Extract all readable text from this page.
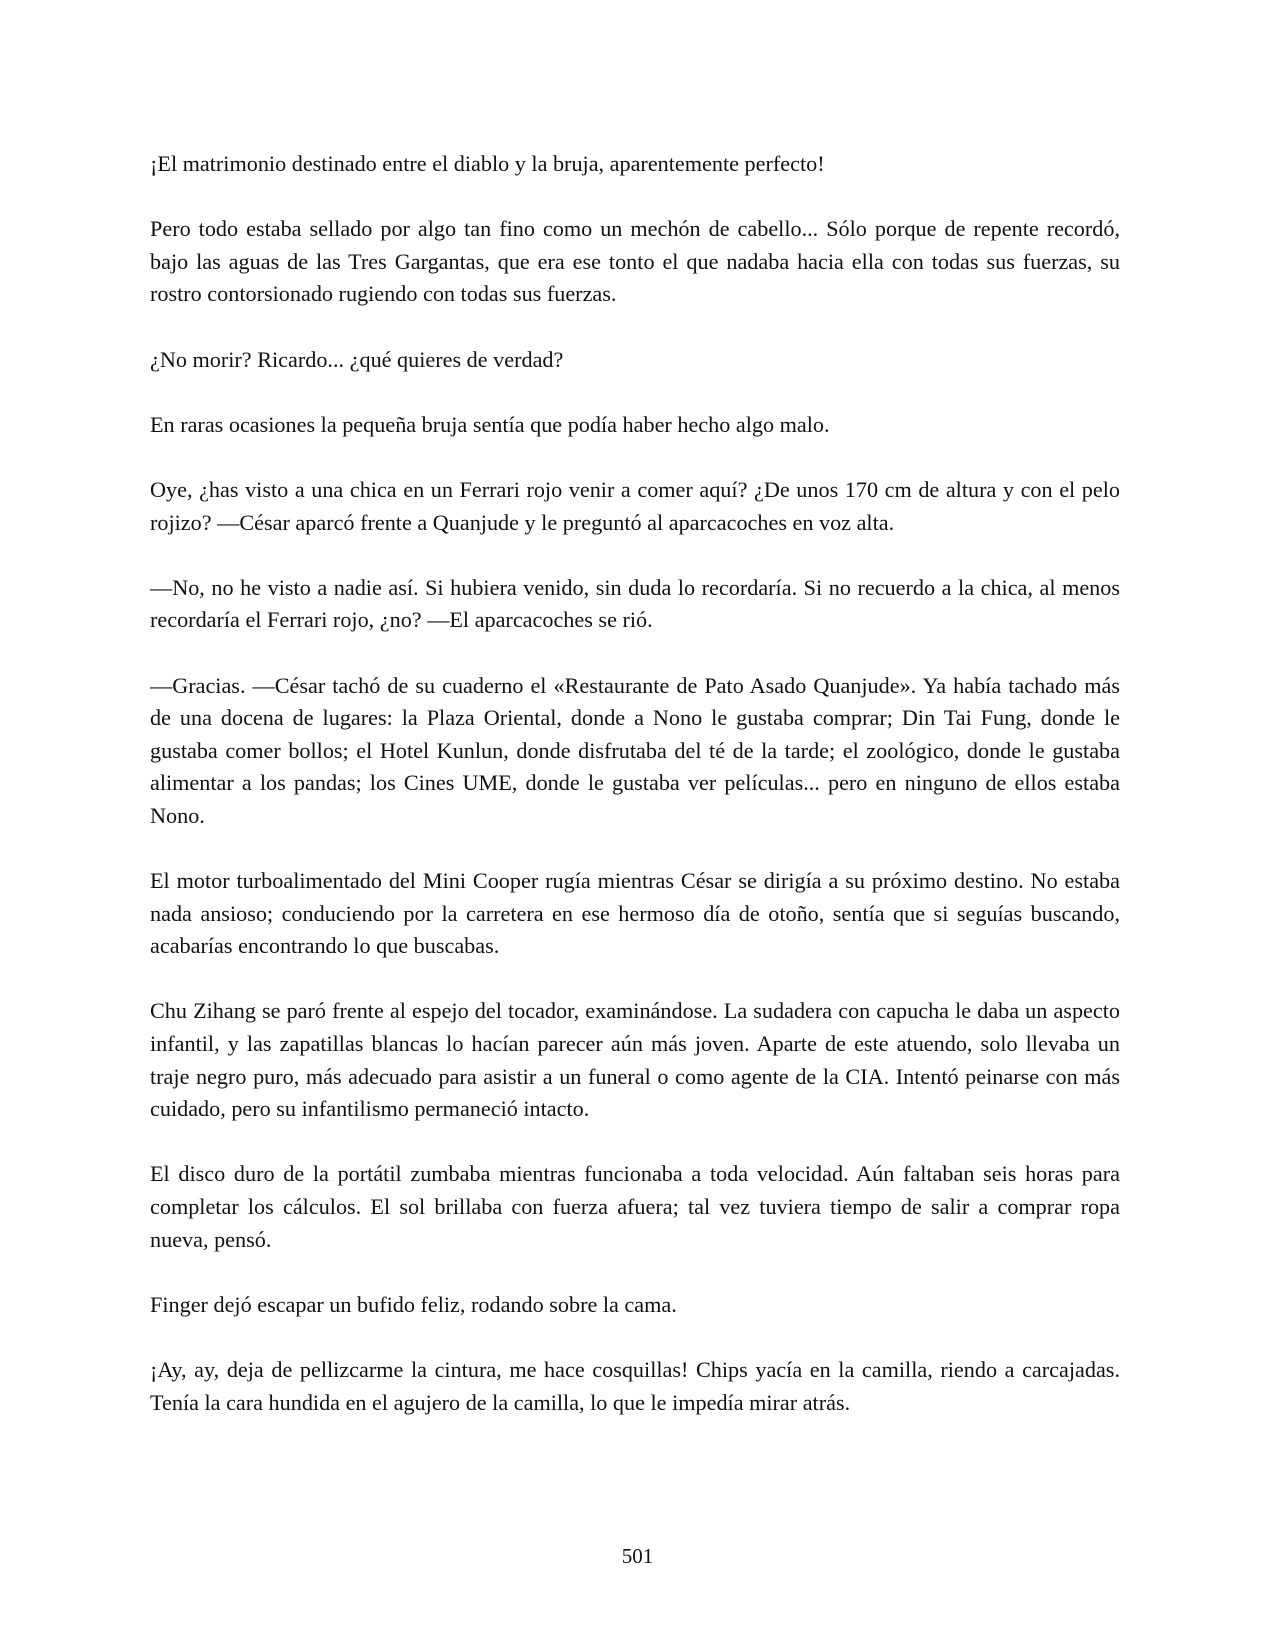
¡El matrimonio destinado entre el diablo y la bruja, aparentemente perfecto!

Pero todo estaba sellado por algo tan fino como un mechón de cabello... Sólo porque de repente recordó, bajo las aguas de las Tres Gargantas, que era ese tonto el que nadaba hacia ella con todas sus fuerzas, su rostro contorsionado rugiendo con todas sus fuerzas.

¿No morir? Ricardo... ¿qué quieres de verdad?

En raras ocasiones la pequeña bruja sentía que podía haber hecho algo malo.

Oye, ¿has visto a una chica en un Ferrari rojo venir a comer aquí? ¿De unos 170 cm de altura y con el pelo rojizo? —César aparcó frente a Quanjude y le preguntó al aparcacoches en voz alta.

—No, no he visto a nadie así. Si hubiera venido, sin duda lo recordaría. Si no recuerdo a la chica, al menos recordaría el Ferrari rojo, ¿no? —El aparcacoches se rió.

—Gracias. —César tachó de su cuaderno el «Restaurante de Pato Asado Quanjude». Ya había tachado más de una docena de lugares: la Plaza Oriental, donde a Nono le gustaba comprar; Din Tai Fung, donde le gustaba comer bollos; el Hotel Kunlun, donde disfrutaba del té de la tarde; el zoológico, donde le gustaba alimentar a los pandas; los Cines UME, donde le gustaba ver películas... pero en ninguno de ellos estaba Nono.

El motor turboalimentado del Mini Cooper rugía mientras César se dirigía a su próximo destino. No estaba nada ansioso; conduciendo por la carretera en ese hermoso día de otoño, sentía que si seguías buscando, acabarías encontrando lo que buscabas.

Chu Zihang se paró frente al espejo del tocador, examinándose. La sudadera con capucha le daba un aspecto infantil, y las zapatillas blancas lo hacían parecer aún más joven. Aparte de este atuendo, solo llevaba un traje negro puro, más adecuado para asistir a un funeral o como agente de la CIA. Intentó peinarse con más cuidado, pero su infantilismo permaneció intacto.

El disco duro de la portátil zumbaba mientras funcionaba a toda velocidad. Aún faltaban seis horas para completar los cálculos. El sol brillaba con fuerza afuera; tal vez tuviera tiempo de salir a comprar ropa nueva, pensó.

Finger dejó escapar un bufido feliz, rodando sobre la cama.

¡Ay, ay, deja de pellizcarme la cintura, me hace cosquillas! Chips yacía en la camilla, riendo a carcajadas. Tenía la cara hundida en el agujero de la camilla, lo que le impedía mirar atrás.

501
